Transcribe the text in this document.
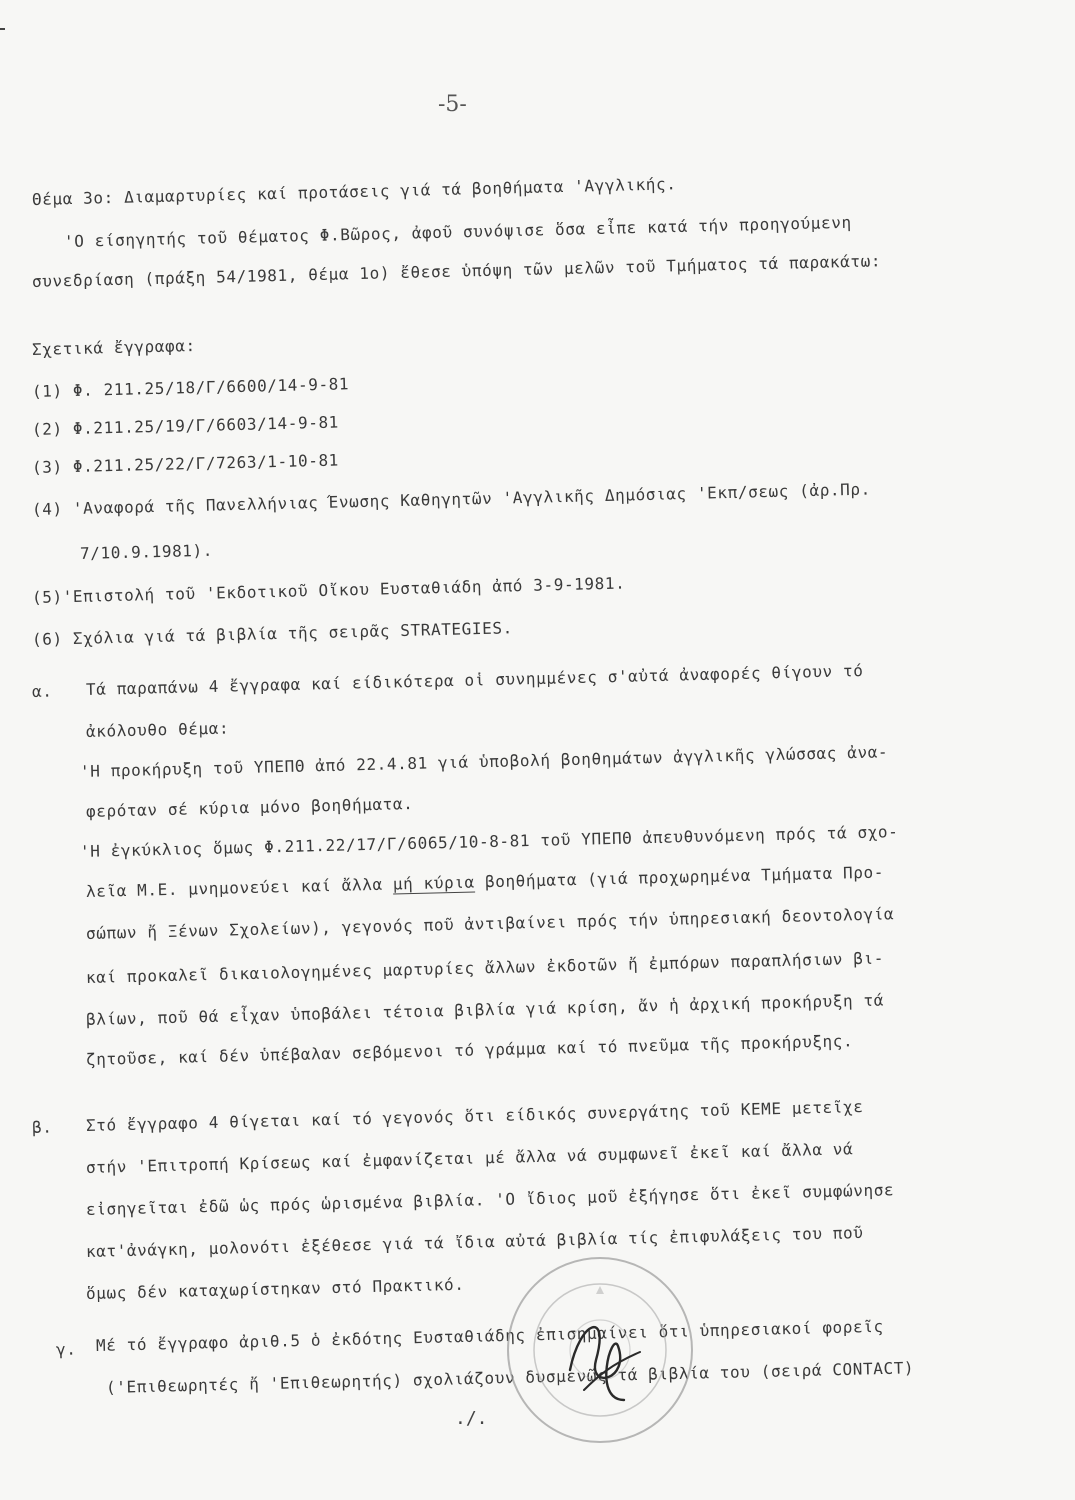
-5-
Θέμα 3ο: Διαμαρτυρίες καί προτάσεις γιά τά βοηθήματα 'Αγγλικής.
'Ο είσηγητής τοῦ θέματος Φ.Βῶρος, ἀφοῦ συνόψισε ὅσα εἶπε κατά τήν προηγούμενη
συνεδρίαση (πράξη 54/1981, θέμα 1ο) ἔθεσε ὑπόψη τῶν μελῶν τοῦ Τμήματος τά παρακάτω:
Σχετικά ἔγγραφα:
(1) Φ. 211.25/18/Γ/6600/14-9-81
(2) Φ.211.25/19/Γ/6603/14-9-81
(3) Φ.211.25/22/Γ/7263/1-10-81
(4) 'Αναφορά τῆς Πανελλήνιας Ένωσης Καθηγητῶν 'Αγγλικῆς Δημόσιας 'Εκπ/σεως (ἀρ.Πρ.
7/10.9.1981).
(5)'Επιστολή τοῦ 'Εκδοτικοῦ Οἴκου Ευσταθιάδη ἀπό 3-9-1981.
(6) Σχόλια γιά τά βιβλία τῆς σειρᾶς STRATEGIES.
α. Τά παραπάνω 4 ἔγγραφα καί είδικότερα οἱ συνημμένες σ'αὐτά ἀναφορές θίγουν τό
ἀκόλουθο θέμα:
'Η προκήρυξη τοῦ ΥΠΕΠΘ ἀπό 22.4.81 γιά ὑποβολή βοηθημάτων ἀγγλικῆς γλώσσας ἀνα-
φερόταν σέ κύρια μόνο βοηθήματα.
'Η ἐγκύκλιος ὅμως Φ.211.22/17/Γ/6065/10-8-81 τοῦ ΥΠΕΠΘ ἀπευθυνόμενη πρός τά σχο-
λεῖα Μ.Ε. μνημονεύει καί ἄλλα μή κύρια βοηθήματα (γιά προχωρημένα Τμήματα Προ-
σώπων ἤ Ξένων Σχολείων), γεγονός ποῦ ἀντιβαίνει πρός τήν ὑπηρεσιακή δεοντολογία
καί προκαλεῖ δικαιολογημένες μαρτυρίες ἄλλων ἐκδοτῶν ἤ ἐμπόρων παραπλήσιων βι-
βλίων, ποῦ θά εἶχαν ὑποβάλει τέτοια βιβλία γιά κρίση, ἄν ἡ ἀρχική προκήρυξη τά
ζητοῦσε, καί δέν ὑπέβαλαν σεβόμενοι τό γράμμα καί τό πνεῦμα τῆς προκήρυξης.
β. Στό ἔγγραφο 4 θίγεται καί τό γεγονός ὅτι είδικός συνεργάτης τοῦ ΚΕΜΕ μετεῖχε
στήν 'Επιτροπή Κρίσεως καί ἐμφανίζεται μέ ἄλλα νά συμφωνεῖ ἐκεῖ καί ἄλλα νά
εἰσηγεῖται ἐδῶ ὡς πρός ὡρισμένα βιβλία. 'Ο ἴδιος μοῦ ἐξήγησε ὅτι ἐκεῖ συμφώνησε
κατ'ἀνάγκη, μολονότι ἐξέθεσε γιά τά ἴδια αὐτά βιβλία τίς ἐπιφυλάξεις του ποῦ
ὅμως δέν καταχωρίστηκαν στό Πρακτικό.
γ. Μέ τό ἔγγραφο ἀριθ.5 ὁ ἐκδότης Ευσταθιάδης ἐπισημαίνει ὅτι ὑπηρεσιακοί φορεῖς
('Επιθεωρητές ἤ 'Επιθεωρητής) σχολιάζουν δυσμενῶς τά βιβλία του (σειρά CONTACT)
./.
